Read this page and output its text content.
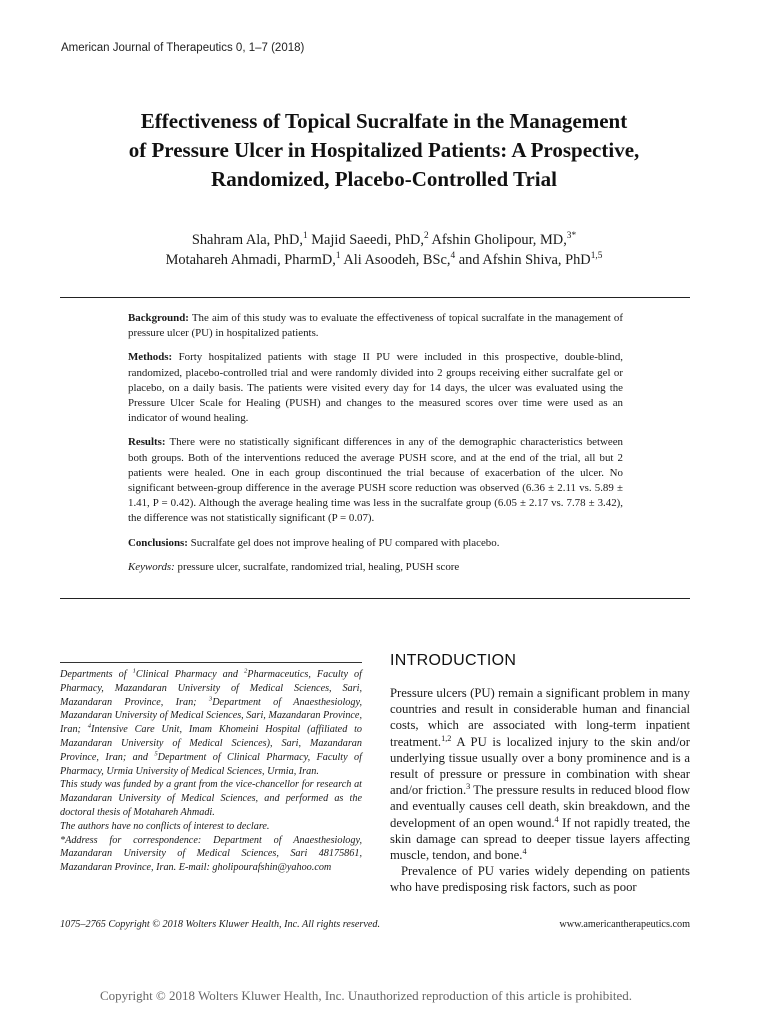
American Journal of Therapeutics 0, 1–7 (2018)
Effectiveness of Topical Sucralfate in the Management
of Pressure Ulcer in Hospitalized Patients: A Prospective,
Randomized, Placebo-Controlled Trial
Shahram Ala, PhD,$^1$ Majid Saeedi, PhD,$^2$ Afshin Gholipour, MD,$^{3*}$
Motahareh Ahmadi, PharmD,$^1$ Ali Asoodeh, BSc,$^4$ and Afshin Shiva, PhD$^{1,5}$

Background: The aim of this study was to evaluate the effectiveness of topical sucralfate in the management of pressure ulcer (PU) in hospitalized patients.

Methods: Forty hospitalized patients with stage II PU were included in this prospective, double-blind, randomized, placebo-controlled trial and were randomly divided into 2 groups receiving either sucralfate gel or placebo, on a daily basis. The patients were visited every day for 14 days, the ulcer was evaluated using the Pressure Ulcer Scale for Healing (PUSH) and changes to the measured scores over time were used as an indicator of wound healing.

Results: There were no statistically significant differences in any of the demographic characteristics between both groups. Both of the interventions reduced the average PUSH score, and at the end of the trial, all but 2 patients were healed. One in each group discontinued the trial because of exacerbation of the ulcer. No significant between-group difference in the average PUSH score reduction was observed (6.36 ± 2.11 vs. 5.89 ± 1.41, P = 0.42). Although the average healing time was less in the sucralfate group (6.05 ± 2.17 vs. 7.78 ± 3.42), the difference was not statistically significant (P = 0.07).

Conclusions: Sucralfate gel does not improve healing of PU compared with placebo.

Keywords: pressure ulcer, sucralfate, randomized trial, healing, PUSH score

Departments of $^1$Clinical Pharmacy and $^2$Pharmaceutics, Faculty of Pharmacy, Mazandaran University of Medical Sciences, Sari, Mazandaran Province, Iran; $^3$Department of Anaesthesiology, Mazandaran University of Medical Sciences, Sari, Mazandaran Province, Iran; $^4$Intensive Care Unit, Imam Khomeini Hospital (affiliated to Mazandaran University of Medical Sciences), Sari, Mazandaran Province, Iran; and $^5$Department of Clinical Pharmacy, Faculty of Pharmacy, Urmia University of Medical Sciences, Urmia, Iran.

This study was funded by a grant from the vice-chancellor for research at Mazandaran University of Medical Sciences, and performed as the doctoral thesis of Motahareh Ahmadi.

The authors have no conflicts of interest to declare.

*Address for correspondence: Department of Anaesthesiology, Mazandaran University of Medical Sciences, Sari 48175861, Mazandaran Province, Iran. E-mail: gholipourafshin@yahoo.com

INTRODUCTION

Pressure ulcers (PU) remain a significant problem in many countries and result in considerable human and financial costs, which are associated with long-term inpatient treatment.$^{1,2}$ A PU is localized injury to the skin and/or underlying tissue usually over a bony prominence and is a result of pressure or pressure in combination with shear and/or friction.$^3$ The pressure results in reduced blood flow and eventually causes cell death, skin breakdown, and the development of an open wound.$^4$ If not rapidly treated, the skin damage can spread to deeper tissue layers affecting muscle, tendon, and bone.$^4$

Prevalence of PU varies widely depending on patients who have predisposing risk factors, such as poor

1075–2765 Copyright © 2018 Wolters Kluwer Health, Inc. All rights reserved.	www.americantherapeutics.com
Copyright © 2018 Wolters Kluwer Health, Inc. Unauthorized reproduction of this article is prohibited.
